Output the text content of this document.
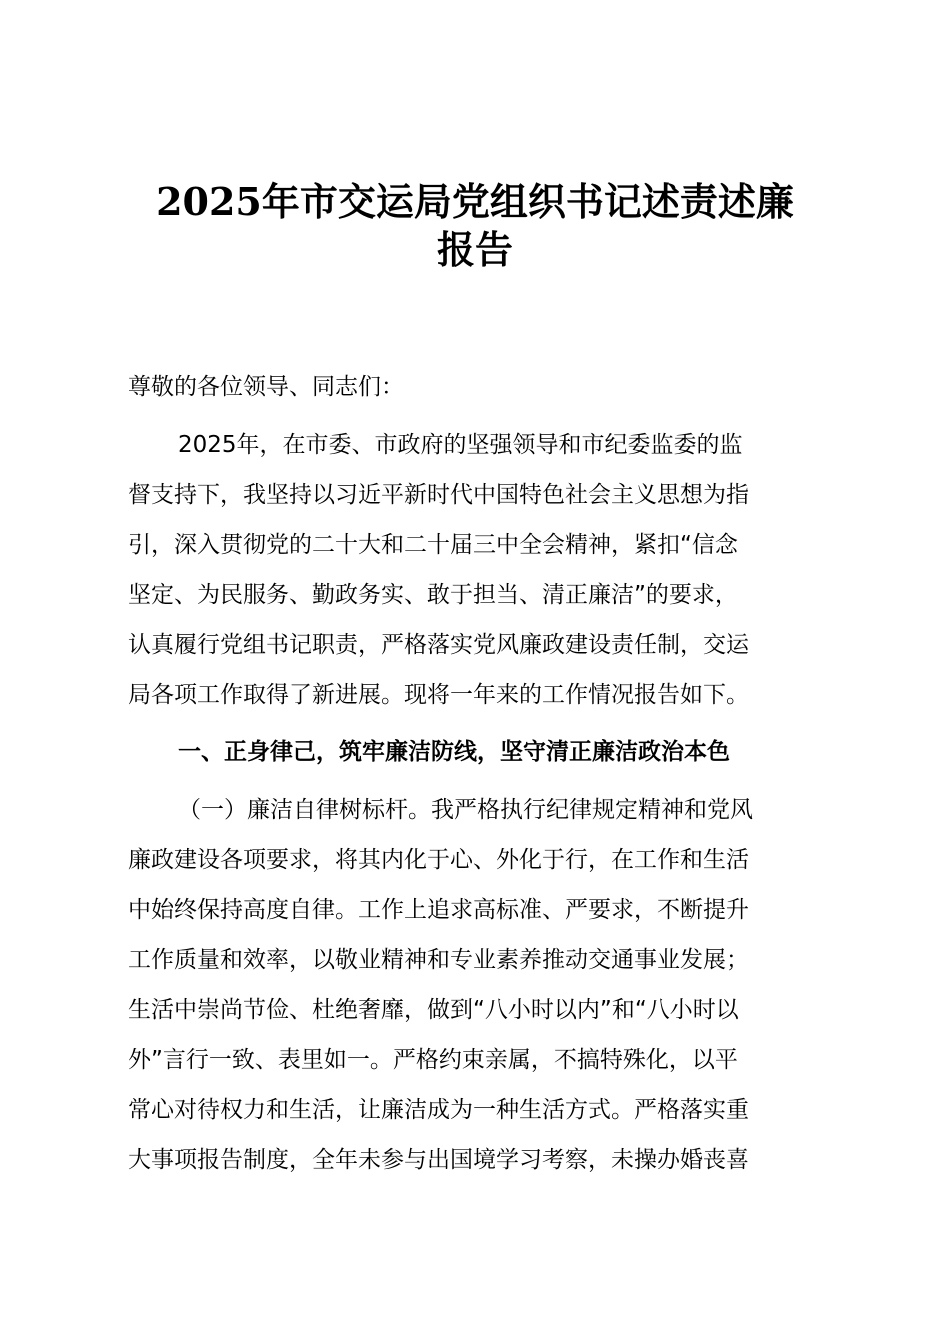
2025年市交运局党组织书记述责述廉
报告
尊敬的各位领导、同志们：
2025年，在市委、市政府的坚强领导和市纪委监委的监
督支持下，我坚持以习近平新时代中国特色社会主义思想为指
引，深入贯彻党的二十大和二十届三中全会精神，紧扣“信念
坚定、为民服务、勤政务实、敢于担当、清正廉洁”的要求，
认真履行党组书记职责，严格落实党风廉政建设责任制，交运
局各项工作取得了新进展。现将一年来的工作情况报告如下。
一、正身律己，筑牢廉洁防线，坚守清正廉洁政治本色
（一）廉洁自律树标杆。我严格执行纪律规定精神和党风
廉政建设各项要求，将其内化于心、外化于行，在工作和生活
中始终保持高度自律。工作上追求高标准、严要求，不断提升
工作质量和效率，以敬业精神和专业素养推动交通事业发展；
生活中崇尚节俭、杜绝奢靡，做到“八小时以内”和“八小时以
外”言行一致、表里如一。严格约束亲属，不搞特殊化，以平
常心对待权力和生活，让廉洁成为一种生活方式。严格落实重
大事项报告制度，全年未参与出国境学习考察，未操办婚丧喜
